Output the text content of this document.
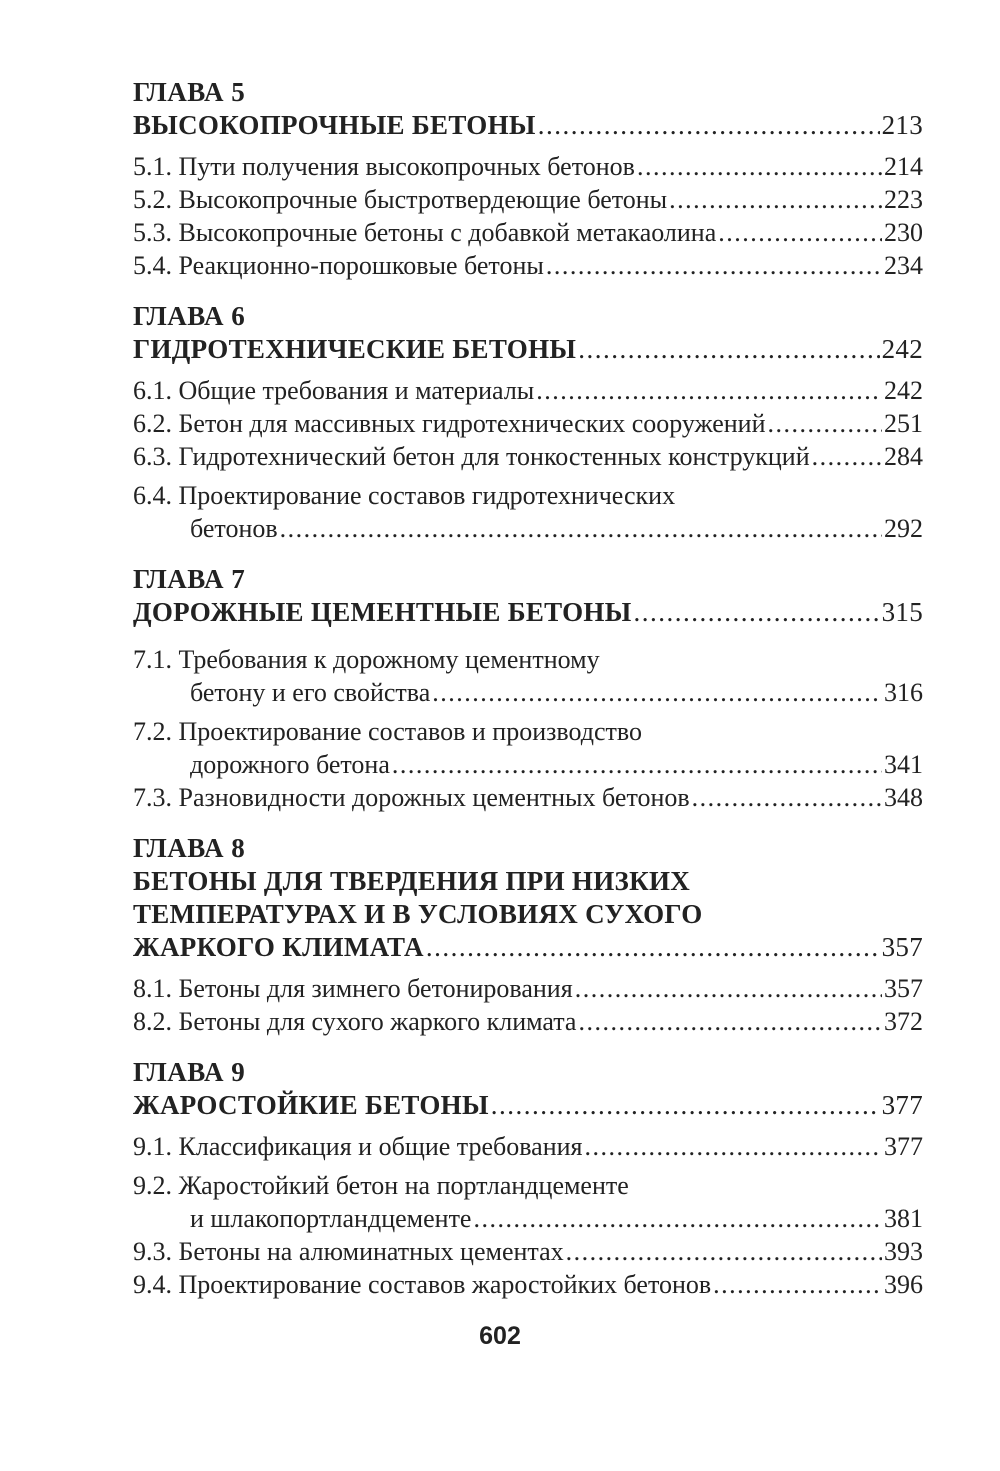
ГЛАВА 5
ВЫСОКОПРОЧНЫЕ БЕТОНЫ .....	213
5.1. Пути получения высокопрочных бетонов .....	214
5.2. Высокопрочные быстротвердеющие бетоны .....	223
5.3. Высокопрочные бетоны с добавкой метакаолина .....	230
5.4. Реакционно-порошковые бетоны .....	234
ГЛАВА 6
ГИДРОТЕХНИЧЕСКИЕ БЕТОНЫ .....	242
6.1. Общие требования и материалы .....	242
6.2. Бетон для массивных гидротехнических сооружений .....	251
6.3. Гидротехнический бетон для тонкостенных конструкций .....	284
6.4. Проектирование составов гидротехнических
бетонов .....	292
ГЛАВА 7
ДОРОЖНЫЕ ЦЕМЕНТНЫЕ БЕТОНЫ .....	315
7.1. Требования к дорожному цементному
бетону и его свойства .....	316
7.2. Проектирование составов и производство
дорожного бетона .....	341
7.3. Разновидности дорожных цементных бетонов .....	348
ГЛАВА 8
БЕТОНЫ ДЛЯ ТВЕРДЕНИЯ ПРИ НИЗКИХ
ТЕМПЕРАТУРАХ И В УСЛОВИЯХ СУХОГО
ЖАРКОГО КЛИМАТА .....	357
8.1. Бетоны для зимнего бетонирования .....	357
8.2. Бетоны для сухого жаркого климата .....	372
ГЛАВА 9
ЖАРОСТОЙКИЕ БЕТОНЫ .....	377
9.1. Классификация и общие требования .....	377
9.2. Жаростойкий бетон на портландцементе
и шлакопортландцементе .....	381
9.3. Бетоны на алюминатных цементах .....	393
9.4. Проектирование составов жаростойких бетонов .....	396
602
